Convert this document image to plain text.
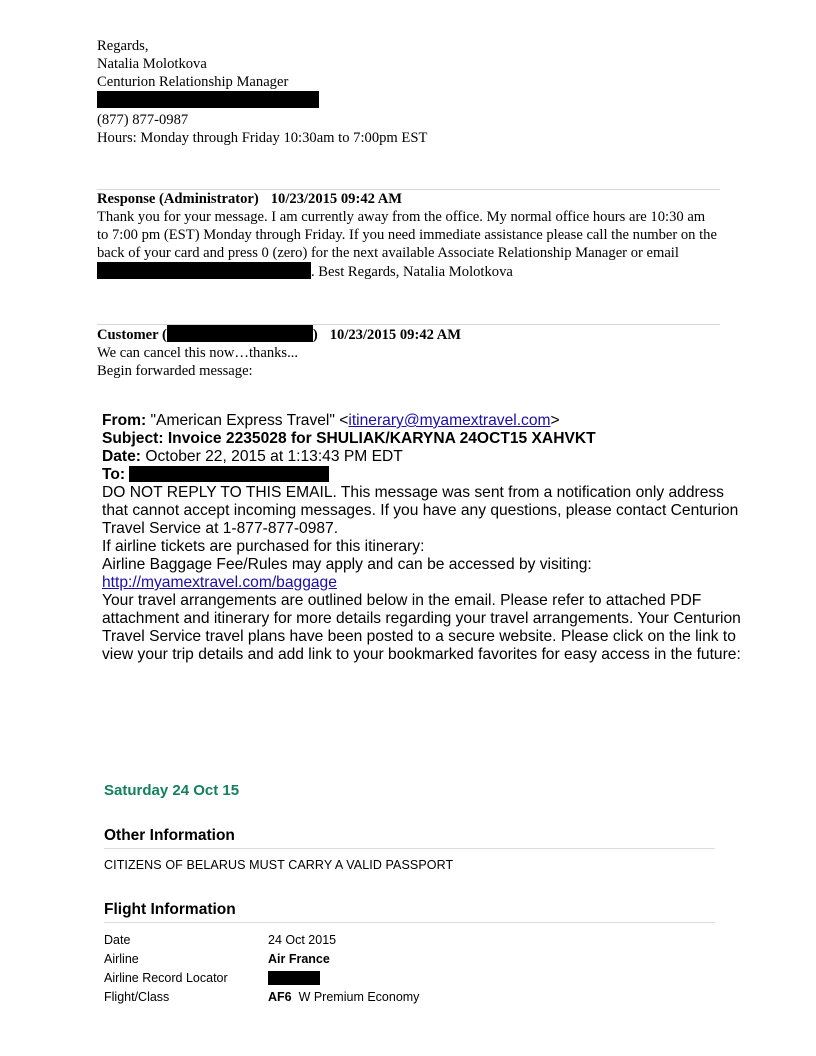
Regards,
Natalia Molotkova
Centurion Relationship Manager
(877) 877-0987
Hours: Monday through Friday 10:30am to 7:00pm EST
Response (Administrator) 10/23/2015 09:42 AM
Thank you for your message. I am currently away from the office. My normal office hours are 10:30 am to 7:00 pm (EST) Monday through Friday. If you need immediate assistance please call the number on the back of your card and press 0 (zero) for the next available Associate Relationship Manager or email . Best Regards, Natalia Molotkova
Customer (	) 10/23/2015 09:42 AM
We can cancel this now…thanks...
Begin forwarded message:
From: "American Express Travel" <itinerary@myamextravel.com>
Subject: Invoice 2235028 for SHULIAK/KARYNA 24OCT15 XAHVKT
Date: October 22, 2015 at 1:13:43 PM EDT
To:
DO NOT REPLY TO THIS EMAIL. This message was sent from a notification only address that cannot accept incoming messages. If you have any questions, please contact Centurion Travel Service at 1-877-877-0987.
If airline tickets are purchased for this itinerary:
Airline Baggage Fee/Rules may apply and can be accessed by visiting:
http://myamextravel.com/baggage
Your travel arrangements are outlined below in the email. Please refer to attached PDF attachment and itinerary for more details regarding your travel arrangements. Your Centurion Travel Service travel plans have been posted to a secure website. Please click on the link to view your trip details and add link to your bookmarked favorites for easy access in the future:
Saturday 24 Oct 15
Other Information
CITIZENS OF BELARUS MUST CARRY A VALID PASSPORT
Flight Information
Date	24 Oct 2015
Airline	Air France
Airline Record Locator
Flight/Class	AF6 W Premium Economy
